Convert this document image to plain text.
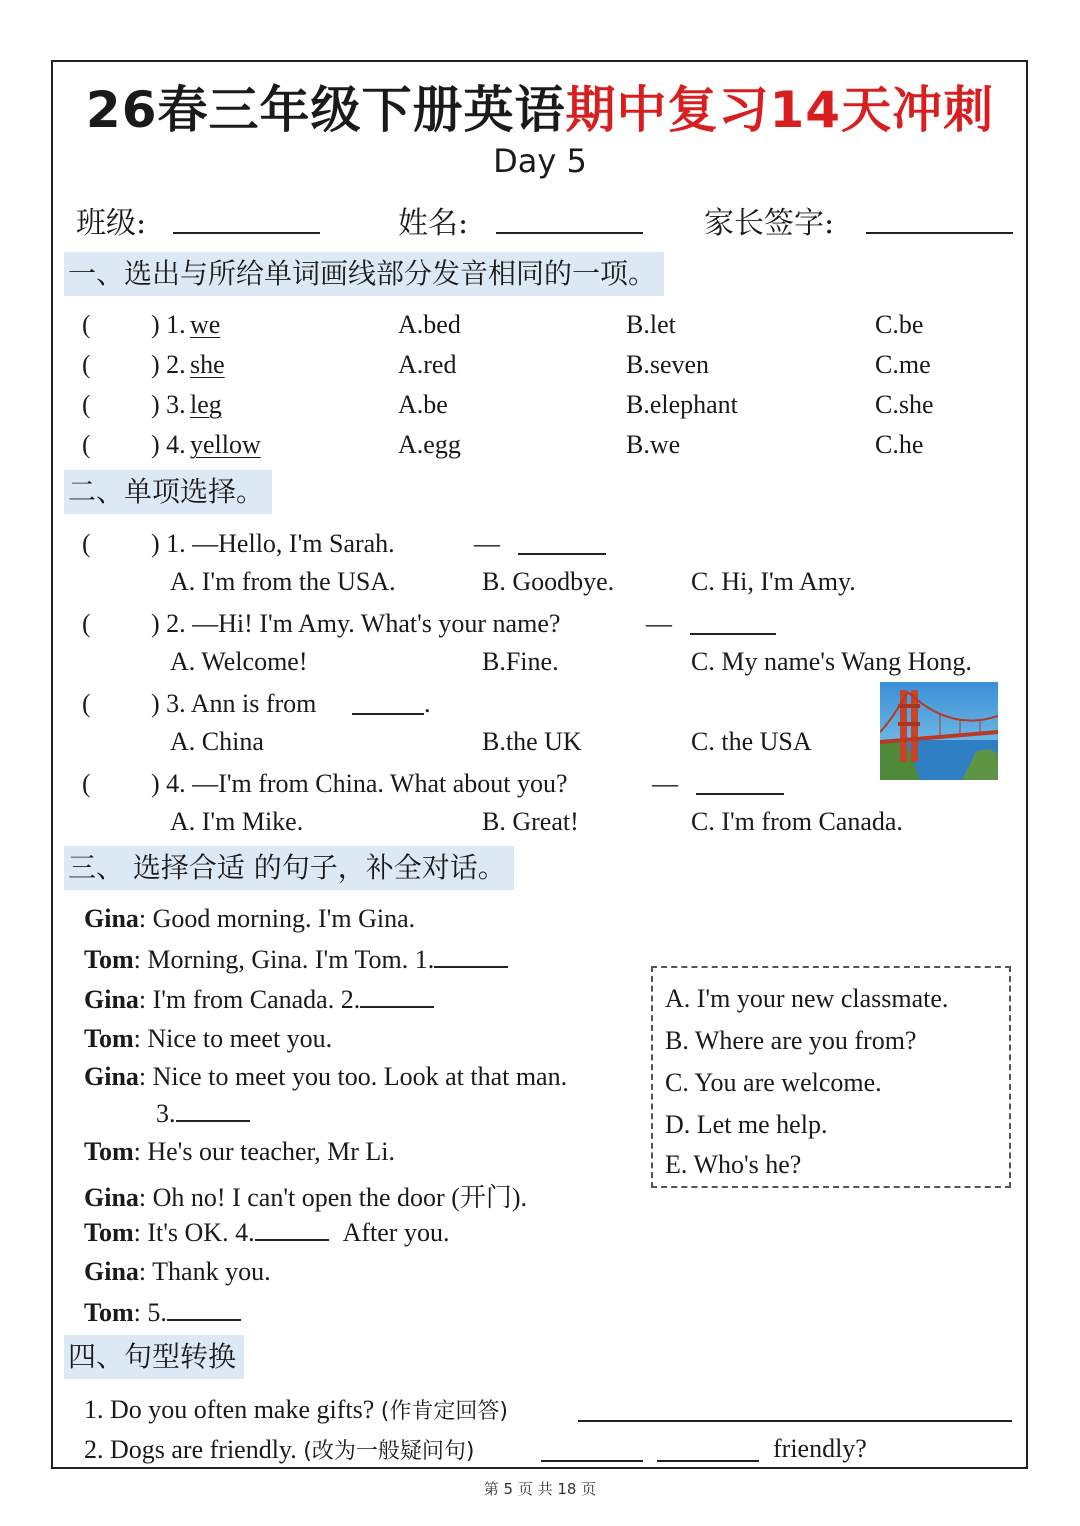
26春三年级下册英语期中复习14天冲刺
Day 5
班级:	姓名:	家长签字:
一、选出与所给单词画线部分发音相同的一项。
( ) 1. we	A.bed	B.let	C.be
( ) 2. she	A.red	B.seven	C.me
( ) 3. leg	A.be	B.elephant	C.she
( ) 4. yellow	A.egg	B.we	C.he
二、单项选择。
( ) 1. —Hello, I'm Sarah.	—
A. I'm from the USA.	B. Goodbye.	C. Hi, I'm Amy.
( ) 2. —Hi! I'm Amy. What's your name?	—
A. Welcome!	B.Fine.	C. My name's Wang Hong.
( ) 3. Ann is from	.
A. China	B.the UK	C. the USA
( ) 4. —I'm from China. What about you?	—
A. I'm Mike.	B. Great!	C. I'm from Canada.
三、 选择合适 的句子，补全对话。
Gina: Good morning. I'm Gina.
Tom: Morning, Gina. I'm Tom. 1.
Gina: I'm from Canada. 2.
Tom: Nice to meet you.
Gina: Nice to meet you too. Look at that man.
3.
Tom: He's our teacher, Mr Li.
Gina: Oh no! I can't open the door (开门).
Tom: It's OK. 4.	After you.
Gina: Thank you.
Tom: 5.
A. I'm your new classmate.
B. Where are you from?
C. You are welcome.
D. Let me help.
E. Who's he?
四、句型转换
1. Do you often make gifts? (作肯定回答)
2. Dogs are friendly. (改为一般疑问句)	friendly?
第 5 页 共 18 页
